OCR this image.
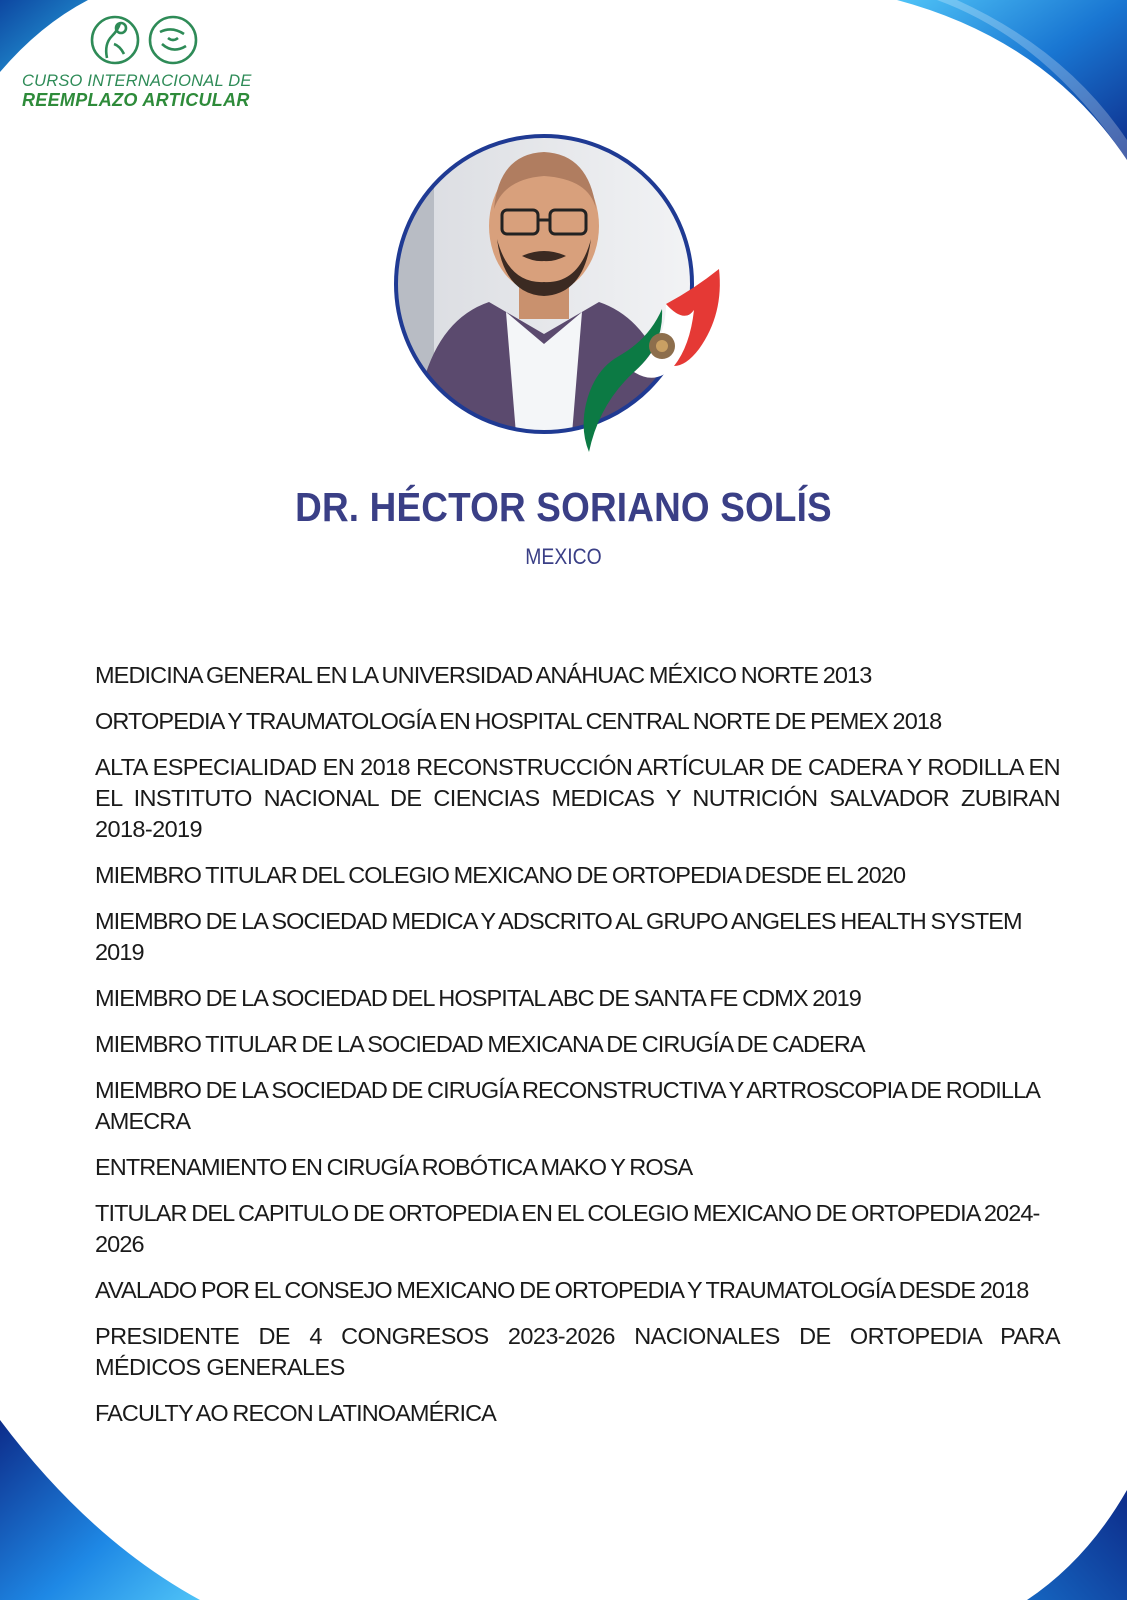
CURSO INTERNACIONAL DE
REEMPLAZO ARTICULAR
DR. HÉCTOR SORIANO SOLÍS
MEXICO
MEDICINA GENERAL EN LA UNIVERSIDAD ANÁHUAC MÉXICO NORTE 2013
ORTOPEDIA Y TRAUMATOLOGÍA EN HOSPITAL CENTRAL NORTE DE PEMEX 2018
ALTA ESPECIALIDAD EN 2018 RECONSTRUCCIÓN ARTÍCULAR DE CADERA Y RODILLA EN EL INSTITUTO NACIONAL DE CIENCIAS MEDICAS Y NUTRICIÓN SALVADOR ZUBIRAN 2018-2019
MIEMBRO TITULAR DEL COLEGIO MEXICANO DE ORTOPEDIA DESDE EL 2020
MIEMBRO DE LA SOCIEDAD MEDICA Y ADSCRITO AL GRUPO ANGELES HEALTH SYSTEM 2019
MIEMBRO DE LA SOCIEDAD DEL HOSPITAL ABC DE SANTA FE CDMX 2019
MIEMBRO TITULAR DE LA SOCIEDAD MEXICANA DE CIRUGÍA DE CADERA
MIEMBRO DE LA SOCIEDAD DE CIRUGÍA RECONSTRUCTIVA Y ARTROSCOPIA DE RODILLA AMECRA
ENTRENAMIENTO EN CIRUGÍA ROBÓTICA MAKO Y ROSA
TITULAR DEL CAPITULO DE ORTOPEDIA EN EL COLEGIO MEXICANO DE ORTOPEDIA 2024-2026
AVALADO POR EL CONSEJO MEXICANO DE ORTOPEDIA Y TRAUMATOLOGÍA DESDE 2018
PRESIDENTE DE 4 CONGRESOS 2023-2026 NACIONALES DE ORTOPEDIA PARA MÉDICOS GENERALES
FACULTY AO RECON LATINOAMÉRICA
